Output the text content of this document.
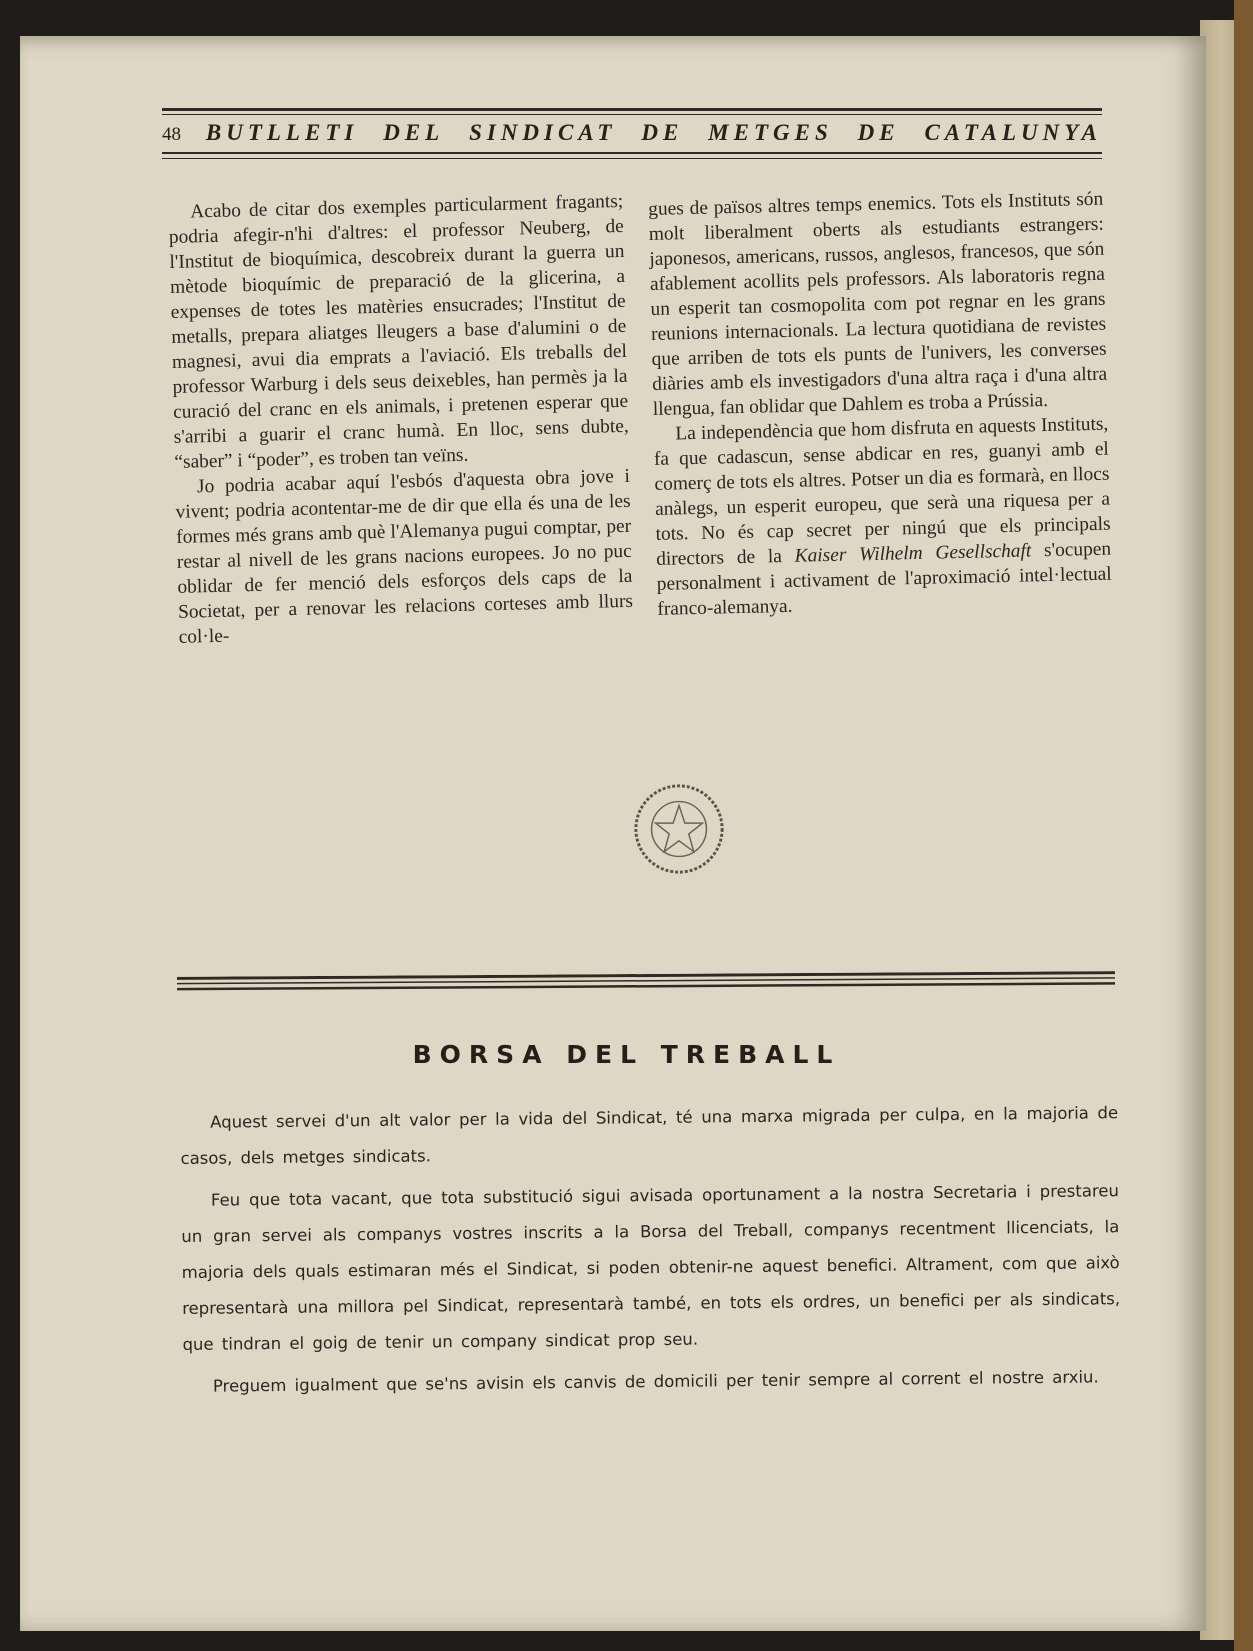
48 BUTLLETI DEL SINDICAT DE METGES DE CATALUNYA

Acabo de citar dos exemples particularment fragants; podria afegir-n'hi d'altres: el professor Neuberg, de l'Institut de bioquímica, descobreix durant la guerra un mètode bioquímic de preparació de la glicerina, a expenses de totes les matèries ensucrades; l'Institut de metalls, prepara aliatges lleugers a base d'alumini o de magnesi, avui dia emprats a l'aviació. Els treballs del professor Warburg i dels seus deixebles, han permès ja la curació del cranc en els animals, i pretenen esperar que s'arribi a guarir el cranc humà. En lloc, sens dubte, “saber” i “poder”, es troben tan veïns.

Jo podria acabar aquí l'esbós d'aquesta obra jove i vivent; podria acontentar-me de dir que ella és una de les formes més grans amb què l'Alemanya pugui comptar, per restar al nivell de les grans nacions europees. Jo no puc oblidar de fer menció dels esforços dels caps de la Societat, per a renovar les relacions corteses amb llurs col·le-

gues de països altres temps enemics. Tots els Instituts són molt liberalment oberts als estudiants estrangers: japonesos, americans, russos, anglesos, francesos, que són afablement acollits pels professors. Als laboratoris regna un esperit tan cosmopolita com pot regnar en les grans reunions internacionals. La lectura quotidiana de revistes que arriben de tots els punts de l'univers, les converses diàries amb els investigadors d'una altra raça i d'una altra llengua, fan oblidar que Dahlem es troba a Prússia.

La independència que hom disfruta en aquests Instituts, fa que cadascun, sense abdicar en res, guanyi amb el comerç de tots els altres. Potser un dia es formarà, en llocs anàlegs, un esperit europeu, que serà una riquesa per a tots. No és cap secret per ningú que els principals directors de la Kaiser Wilhelm Gesellschaft s'ocupen personalment i activament de l'aproximació intel·lectual franco-alemanya.

BORSA DEL TREBALL

Aquest servei d'un alt valor per la vida del Sindicat, té una marxa migrada per culpa, en la majoria de casos, dels metges sindicats.

Feu que tota vacant, que tota substitució sigui avisada oportunament a la nostra Secretaria i prestareu un gran servei als companys vostres inscrits a la Borsa del Treball, companys recentment llicenciats, la majoria dels quals estimaran més el Sindicat, si poden obtenir-ne aquest benefici. Altrament, com que això representarà una millora pel Sindicat, representarà també, en tots els ordres, un benefici per als sindicats, que tindran el goig de tenir un company sindicat prop seu.

Preguem igualment que se'ns avisin els canvis de domicili per tenir sempre al corrent el nostre arxiu.
